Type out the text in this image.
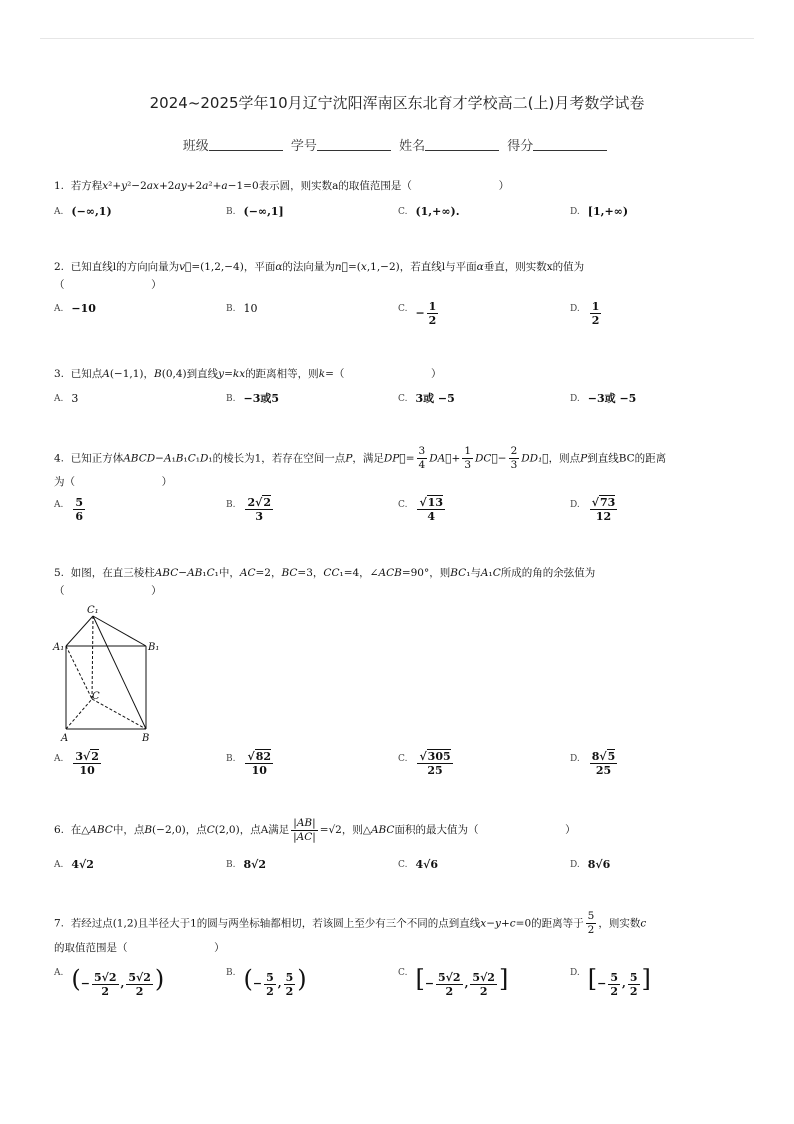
2024~2025学年10月辽宁沈阳浑南区东北育才学校高二(上)月考数学试卷
班级	学号	姓名	得分
1.  若方程x²+y²−2ax+2ay+2a²+a−1=0表示圆，则实数a的取值范围是（	）
A. (−∞,1)	B. (−∞,1]	C. (1,+∞).	D. [1,+∞)
2.  已知直线l的方向向量为v⃗=(1,2,−4)，平面α的法向量为n⃗=(x,1,−2)，若直线l与平面α垂直，则实数x的值为
（	）
A. −10	B. 10	C. − $\frac{1}{2}$	D. $\frac{1}{2}$
3.  已知点A(−1,1)，B(0,4)到直线y=kx的距离相等，则k=（	）
A. 3	B. −3或5	C. 3或 −5	D. −3或 −5
4.  已知正方体ABCD−A₁B₁C₁D₁的棱长为1，若存在空间一点P，满足DP⃗= $\frac{3}{4}$ DA⃗+ $\frac{1}{3}$ DC⃗− $\frac{2}{3}$ DD₁⃗，则点P到直线BC的距离
为（	）
A. $\frac{5}{6}$	B. $\frac{2√2}{3}$	C. $\frac{√13}{4}$	D. $\frac{√73}{12}$
5.  如图，在直三棱柱ABC−AB₁C₁中，AC=2，BC=3，CC₁=4，∠ACB=90°，则BC₁与A₁C所成的角的余弦值为
（	）
C₁
A₁	B₁
C
A	B
A. $\frac{3√2}{10}$	B. $\frac{√82}{10}$	C. $\frac{√305}{25}$	D. $\frac{8√5}{25}$
6.  在△ABC中，点B(−2,0)，点C(2,0)，点A满足 $\frac{|AB|}{|AC|} =√2$，则△ABC面积的最大值为（	）
A. 4√2	B. 8√2	C. 4√6	D. 8√6
7.  若经过点(1,2)且半径大于1的圆与两坐标轴都相切，若该圆上至少有三个不同的点到直线x−y+c=0的距离等于 $\frac{5}{2}$ ，则实数c
的取值范围是（	）
A. (− $\frac{5√2}{2}$ , $\frac{5√2}{2}$ )	B. (− $\frac{5}{2}$ , $\frac{5}{2}$ )	C. [− $\frac{5√2}{2}$ , $\frac{5√2}{2}$ ]	D. [− $\frac{5}{2}$ , $\frac{5}{2}$ ]
